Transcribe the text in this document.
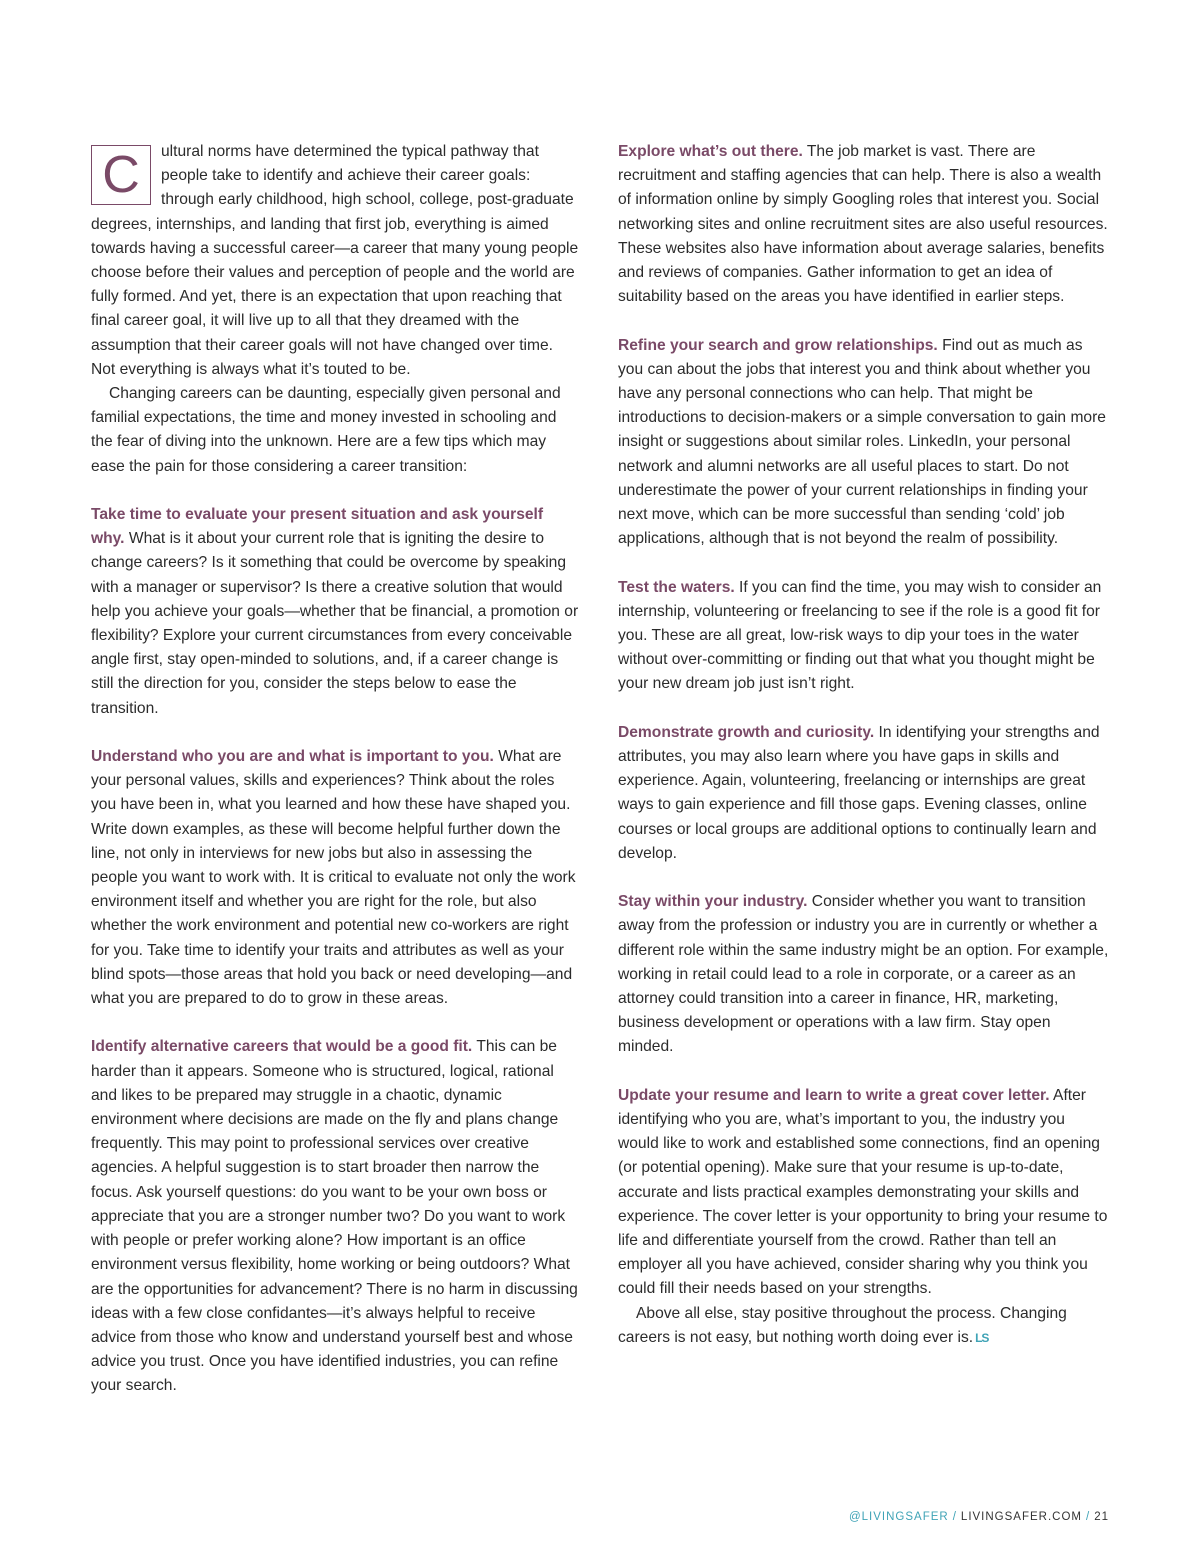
C	ultural norms have determined the typical pathway that people take to identify and achieve their career goals: through early childhood, high school, college, post-graduate degrees, internships, and landing that first job, everything is aimed towards having a successful career—a career that many young people choose before their values and perception of people and the world are fully formed. And yet, there is an expectation that upon reaching that final career goal, it will live up to all that they dreamed with the assumption that their career goals will not have changed over time. Not everything is always what it’s touted to be.

Changing careers can be daunting, especially given personal and familial expectations, the time and money invested in schooling and the fear of diving into the unknown. Here are a few tips which may ease the pain for those considering a career transition:

Take time to evaluate your present situation and ask yourself why. What is it about your current role that is igniting the desire to change careers? Is it something that could be overcome by speaking with a manager or supervisor? Is there a creative solution that would help you achieve your goals—whether that be financial, a promotion or flexibility? Explore your current circumstances from every conceivable angle first, stay open-minded to solutions, and, if a career change is still the direction for you, consider the steps below to ease the transition.

Understand who you are and what is important to you. What are your personal values, skills and experiences? Think about the roles you have been in, what you learned and how these have shaped you. Write down examples, as these will become helpful further down the line, not only in interviews for new jobs but also in assessing the people you want to work with. It is critical to evaluate not only the work environment itself and whether you are right for the role, but also whether the work environment and potential new co-workers are right for you. Take time to identify your traits and attributes as well as your blind spots—those areas that hold you back or need developing—and what you are prepared to do to grow in these areas.

Identify alternative careers that would be a good fit. This can be harder than it appears. Someone who is structured, logical, rational and likes to be prepared may struggle in a chaotic, dynamic environment where decisions are made on the fly and plans change frequently. This may point to professional services over creative agencies. A helpful suggestion is to start broader then narrow the focus. Ask yourself questions: do you want to be your own boss or appreciate that you are a stronger number two? Do you want to work with people or prefer working alone? How important is an office environment versus flexibility, home working or being outdoors? What are the opportunities for advancement? There is no harm in discussing ideas with a few close confidantes—it’s always helpful to receive advice from those who know and understand yourself best and whose advice you trust. Once you have identified industries, you can refine your search.

Explore what’s out there. The job market is vast. There are recruitment and staffing agencies that can help. There is also a wealth of information online by simply Googling roles that interest you. Social networking sites and online recruitment sites are also useful resources. These websites also have information about average salaries, benefits and reviews of companies. Gather information to get an idea of suitability based on the areas you have identified in earlier steps.

Refine your search and grow relationships. Find out as much as you can about the jobs that interest you and think about whether you have any personal connections who can help. That might be introductions to decision-makers or a simple conversation to gain more insight or suggestions about similar roles. LinkedIn, your personal network and alumni networks are all useful places to start. Do not underestimate the power of your current relationships in finding your next move, which can be more successful than sending ‘cold’ job applications, although that is not beyond the realm of possibility.

Test the waters. If you can find the time, you may wish to consider an internship, volunteering or freelancing to see if the role is a good fit for you. These are all great, low-risk ways to dip your toes in the water without over-committing or finding out that what you thought might be your new dream job just isn’t right.

Demonstrate growth and curiosity. In identifying your strengths and attributes, you may also learn where you have gaps in skills and experience. Again, volunteering, freelancing or internships are great ways to gain experience and fill those gaps. Evening classes, online courses or local groups are additional options to continually learn and develop.

Stay within your industry. Consider whether you want to transition away from the profession or industry you are in currently or whether a different role within the same industry might be an option. For example, working in retail could lead to a role in corporate, or a career as an attorney could transition into a career in finance, HR, marketing, business development or operations with a law firm. Stay open minded.

Update your resume and learn to write a great cover letter. After identifying who you are, what’s important to you, the industry you would like to work and established some connections, find an opening (or potential opening). Make sure that your resume is up-to-date, accurate and lists practical examples demonstrating your skills and experience. The cover letter is your opportunity to bring your resume to life and differentiate yourself from the crowd. Rather than tell an employer all you have achieved, consider sharing why you think you could fill their needs based on your strengths.

Above all else, stay positive throughout the process. Changing careers is not easy, but nothing worth doing ever is. LS

@LIVINGSAFER / LIVINGSAFER.COM / 21
